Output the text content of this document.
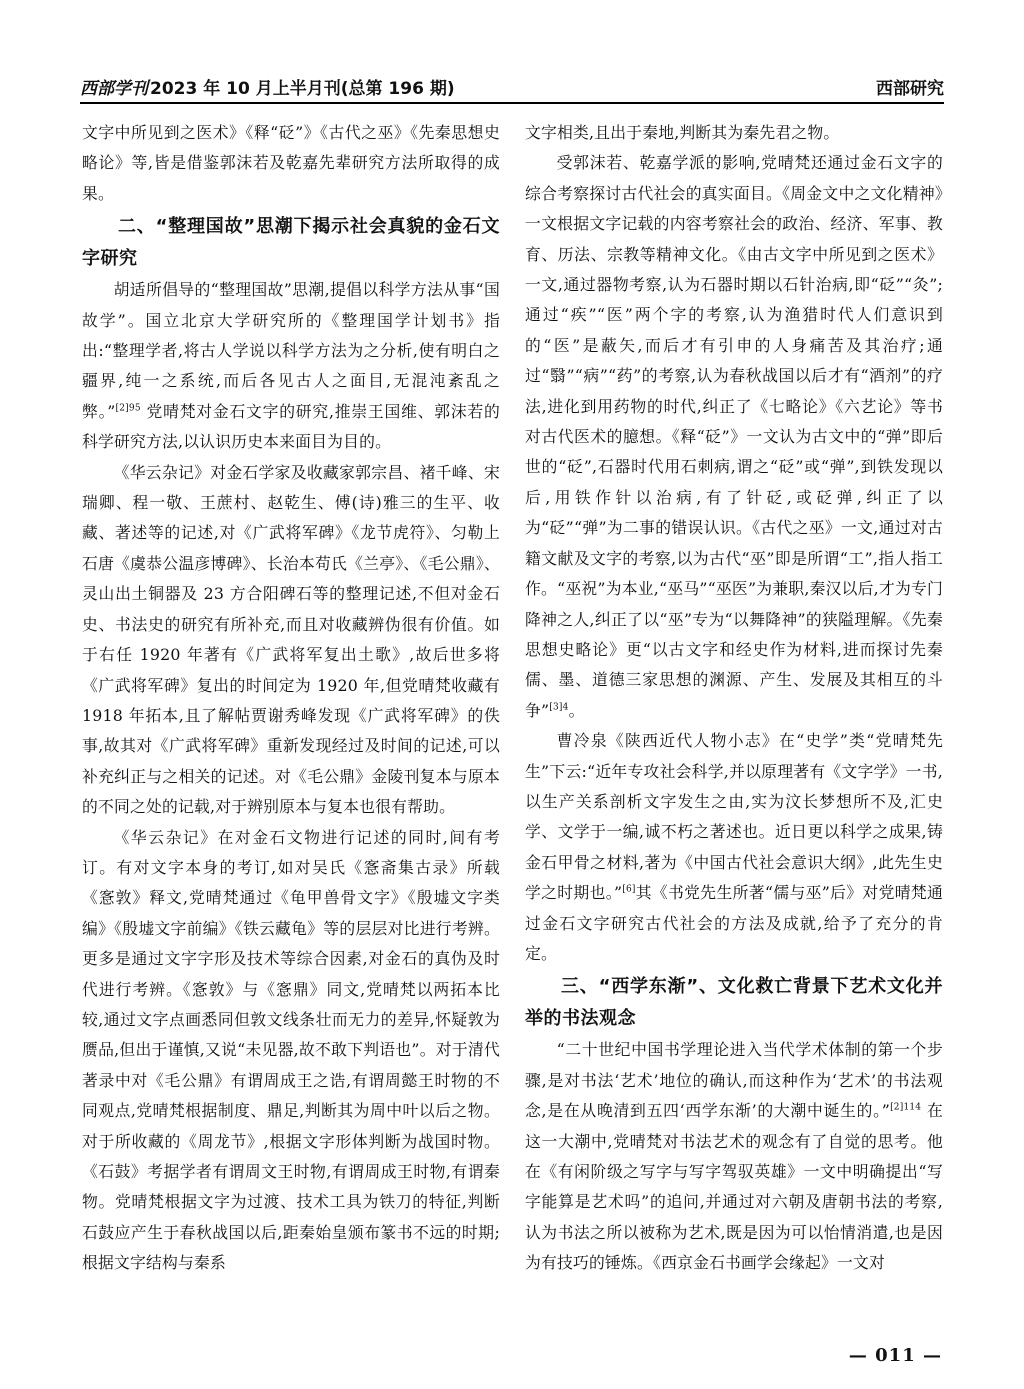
西部学刊 2023 年 10 月上半月刊(总第 196 期)	西部研究

文字中所见到之医术》《释“砭”》《古代之巫》《先秦思想史略论》等,皆是借鉴郭沫若及乾嘉先辈研究方法所取得的成果。

二、“整理国故”思潮下揭示社会真貌的金石文字研究

胡适所倡导的“整理国故”思潮,提倡以科学方法从事“国故学”。国立北京大学研究所的《整理国学计划书》指出:“整理学者,将古人学说以科学方法为之分析,使有明白之疆界,纯一之系统,而后各见古人之面目,无混沌紊乱之弊。”$^{[2]95}$ 党晴梵对金石文字的研究,推崇王国维、郭沫若的科学研究方法,以认识历史本来面目为目的。

《华云杂记》对金石学家及收藏家郭宗昌、褚千峰、宋瑞卿、程一敬、王蔗村、赵乾生、傅(诗)雅三的生平、收藏、著述等的记述,对《广武将军碑》《龙节虎符》、匀勒上石唐《虞恭公温彦博碑》、长治本苟氏《兰亭》、《毛公鼎》、灵山出土铜器及 23 方合阳碑石等的整理记述,不但对金石史、书法史的研究有所补充,而且对收藏辨伪很有价值。如于右任 1920 年著有《广武将军复出土歌》,故后世多将《广武将军碑》复出的时间定为 1920 年,但党晴梵收藏有 1918 年拓本,且了解帖贾谢秀峰发现《广武将军碑》的佚事,故其对《广武将军碑》重新发现经过及时间的记述,可以补充纠正与之相关的记述。对《毛公鼎》金陵刊复本与原本的不同之处的记载,对于辨别原本与复本也很有帮助。

《华云杂记》在对金石文物进行记述的同时,间有考订。有对文字本身的考订,如对吴氏《愙斋集古录》所载《愙敦》释文,党晴梵通过《龟甲兽骨文字》《殷墟文字类编》《殷墟文字前编》《铁云藏龟》等的层层对比进行考辨。更多是通过文字字形及技术等综合因素,对金石的真伪及时代进行考辨。《愙敦》与《愙鼎》同文,党晴梵以两拓本比较,通过文字点画悉同但敦文线条壮而无力的差异,怀疑敦为赝品,但出于谨慎,又说“未见器,故不敢下判语也”。对于清代著录中对《毛公鼎》有谓周成王之诰,有谓周懿王时物的不同观点,党晴梵根据制度、鼎足,判断其为周中叶以后之物。对于所收藏的《周龙节》,根据文字形体判断为战国时物。《石鼓》考据学者有谓周文王时物,有谓周成王时物,有谓秦物。党晴梵根据文字为过渡、技术工具为铁刀的特征,判断石鼓应产生于春秋战国以后,距秦始皇颁布篆书不远的时期;根据文字结构与秦系

文字相类,且出于秦地,判断其为秦先君之物。

受郭沫若、乾嘉学派的影响,党晴梵还通过金石文字的综合考察探讨古代社会的真实面目。《周金文中之文化精神》一文根据文字记载的内容考察社会的政治、经济、军事、教育、历法、宗教等精神文化。《由古文字中所见到之医术》一文,通过器物考察,认为石器时期以石针治病,即“砭”“灸”;通过“疾”“医”两个字的考察,认为渔猎时代人们意识到的“医”是蔽矢,而后才有引申的人身痛苦及其治疗;通过“翳”“病”“药”的考察,认为春秋战国以后才有“酒剂”的疗法,进化到用药物的时代,纠正了《七略论》《六艺论》等书对古代医术的臆想。《释“砭”》一文认为古文中的“弹”即后世的“砭”,石器时代用石刺病,谓之“砭”或“弹”,到铁发现以后,用铁作针以治病,有了针砭,或砭弹,纠正了以为“砭”“弹”为二事的错误认识。《古代之巫》一文,通过对古籍文献及文字的考察,以为古代“巫”即是所谓“工”,指人指工作。“巫祝”为本业,“巫马”“巫医”为兼职,秦汉以后,才为专门降神之人,纠正了以“巫”专为“以舞降神”的狭隘理解。《先秦思想史略论》更“以古文字和经史作为材料,进而探讨先秦儒、墨、道德三家思想的渊源、产生、发展及其相互的斗争”$^{[3]4}$。

曹冷泉《陕西近代人物小志》在“史学”类“党晴梵先生”下云:“近年专攻社会科学,并以原理著有《文字学》一书,以生产关系剖析文字发生之由,实为汶长梦想所不及,汇史学、文学于一编,诚不朽之著述也。近日更以科学之成果,铸金石甲骨之材料,著为《中国古代社会意识大纲》,此先生史学之时期也。”[6]其《书党先生所著“儒与巫”后》对党晴梵通过金石文字研究古代社会的方法及成就,给予了充分的肯定。

三、“西学东渐”、文化救亡背景下艺术文化并举的书法观念

“二十世纪中国书学理论进入当代学术体制的第一个步骤,是对书法‘艺术’地位的确认,而这种作为‘艺术’的书法观念,是在从晚清到五四‘西学东渐’的大潮中诞生的。”$^{[2]114}$ 在这一大潮中,党晴梵对书法艺术的观念有了自觉的思考。他在《有闲阶级之写字与写字驾驭英雄》一文中明确提出“写字能算是艺术吗”的追问,并通过对六朝及唐朝书法的考察,认为书法之所以被称为艺术,既是因为可以怡情消遣,也是因为有技巧的锤炼。《西京金石书画学会缘起》一文对

— 011 —
